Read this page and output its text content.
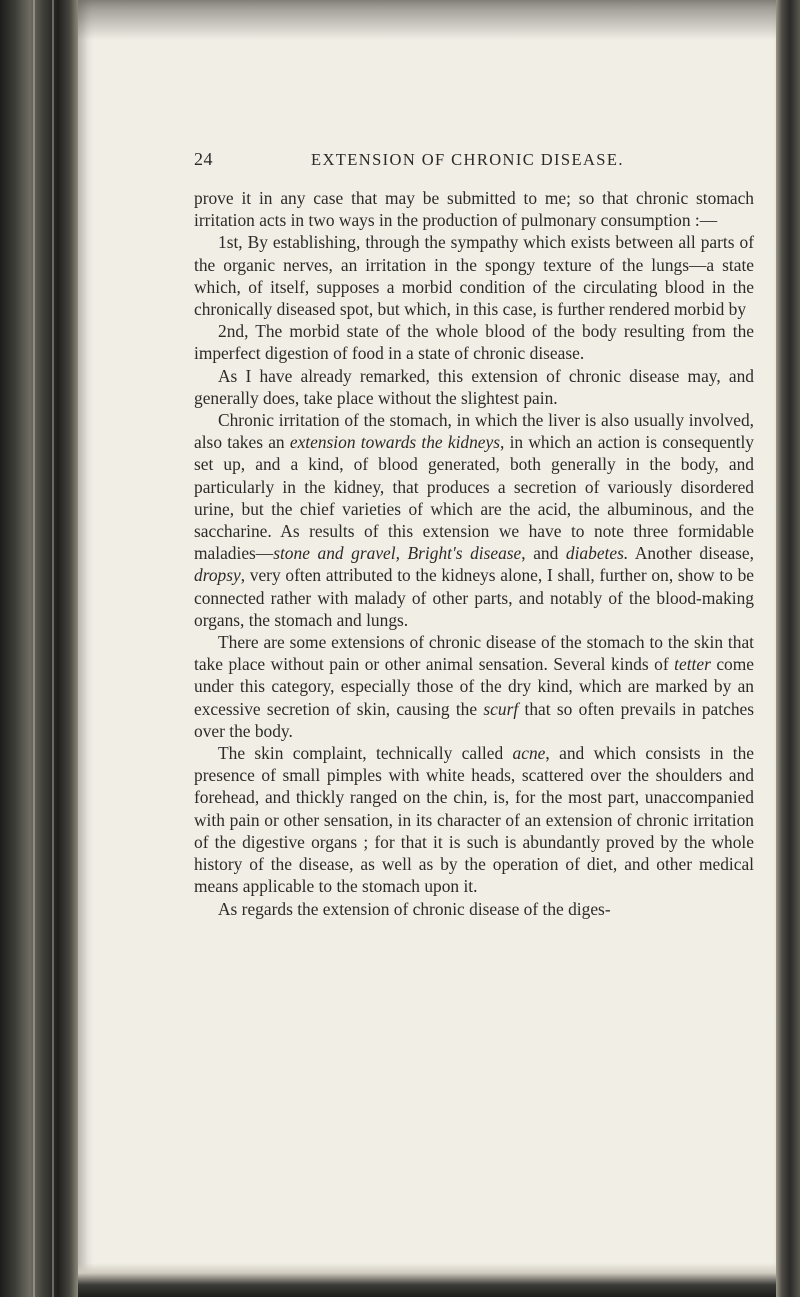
24	EXTENSION OF CHRONIC DISEASE.

prove it in any case that may be submitted to me; so that chronic stomach irritation acts in two ways in the production of pulmonary consumption :—

1st, By establishing, through the sympathy which exists between all parts of the organic nerves, an irritation in the spongy texture of the lungs—a state which, of itself, supposes a morbid condition of the circulating blood in the chronically diseased spot, but which, in this case, is further rendered morbid by

2nd, The morbid state of the whole blood of the body resulting from the imperfect digestion of food in a state of chronic disease.

As I have already remarked, this extension of chronic disease may, and generally does, take place without the slightest pain.

Chronic irritation of the stomach, in which the liver is also usually involved, also takes an extension towards the kidneys, in which an action is consequently set up, and a kind, of blood generated, both generally in the body, and particularly in the kidney, that produces a secretion of variously disordered urine, but the chief varieties of which are the acid, the albuminous, and the saccharine. As results of this extension we have to note three formidable maladies—stone and gravel, Bright's disease, and diabetes. Another disease, dropsy, very often attributed to the kidneys alone, I shall, further on, show to be connected rather with malady of other parts, and notably of the blood-making organs, the stomach and lungs.

There are some extensions of chronic disease of the stomach to the skin that take place without pain or other animal sensation. Several kinds of tetter come under this category, especially those of the dry kind, which are marked by an excessive secretion of skin, causing the scurf that so often prevails in patches over the body.

The skin complaint, technically called acne, and which consists in the presence of small pimples with white heads, scattered over the shoulders and forehead, and thickly ranged on the chin, is, for the most part, unaccompanied with pain or other sensation, in its character of an extension of chronic irritation of the digestive organs ; for that it is such is abundantly proved by the whole history of the disease, as well as by the operation of diet, and other medical means applicable to the stomach upon it.

As regards the extension of chronic disease of the diges-
